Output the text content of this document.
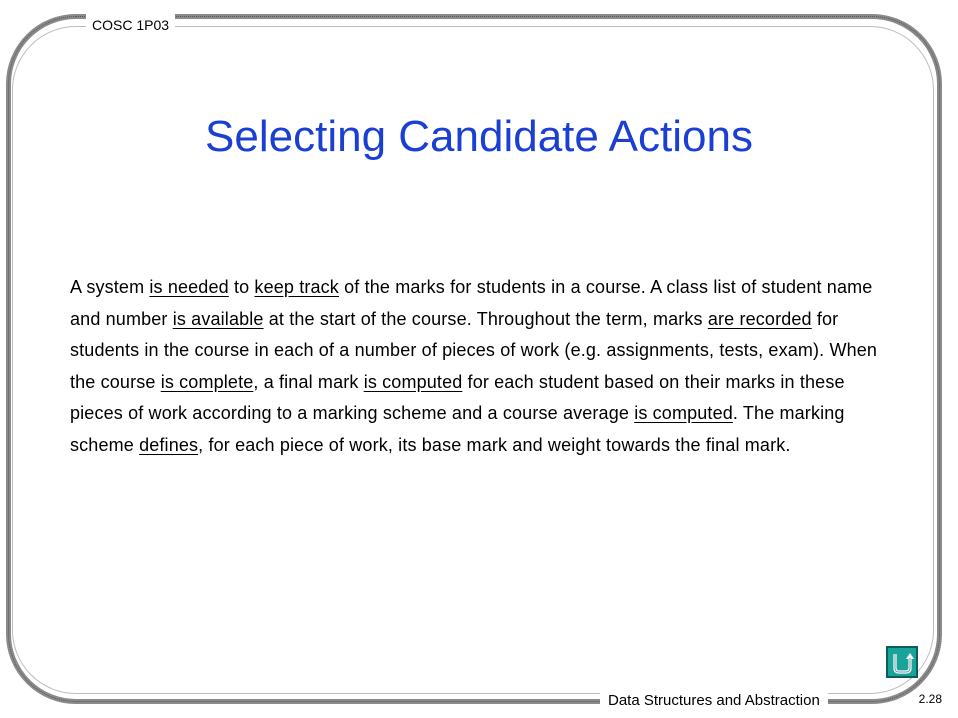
COSC 1P03
Selecting Candidate Actions
A system is needed to keep track of the marks for students in a course. A class list of student name and number is available at the start of the course. Throughout the term, marks are recorded for students in the course in each of a number of pieces of work (e.g. assignments, tests, exam). When the course is complete, a final mark is computed for each student based on their marks in these pieces of work according to a marking scheme and a course average is computed. The marking scheme defines, for each piece of work, its base mark and weight towards the final mark.
Data Structures and Abstraction	2.28
